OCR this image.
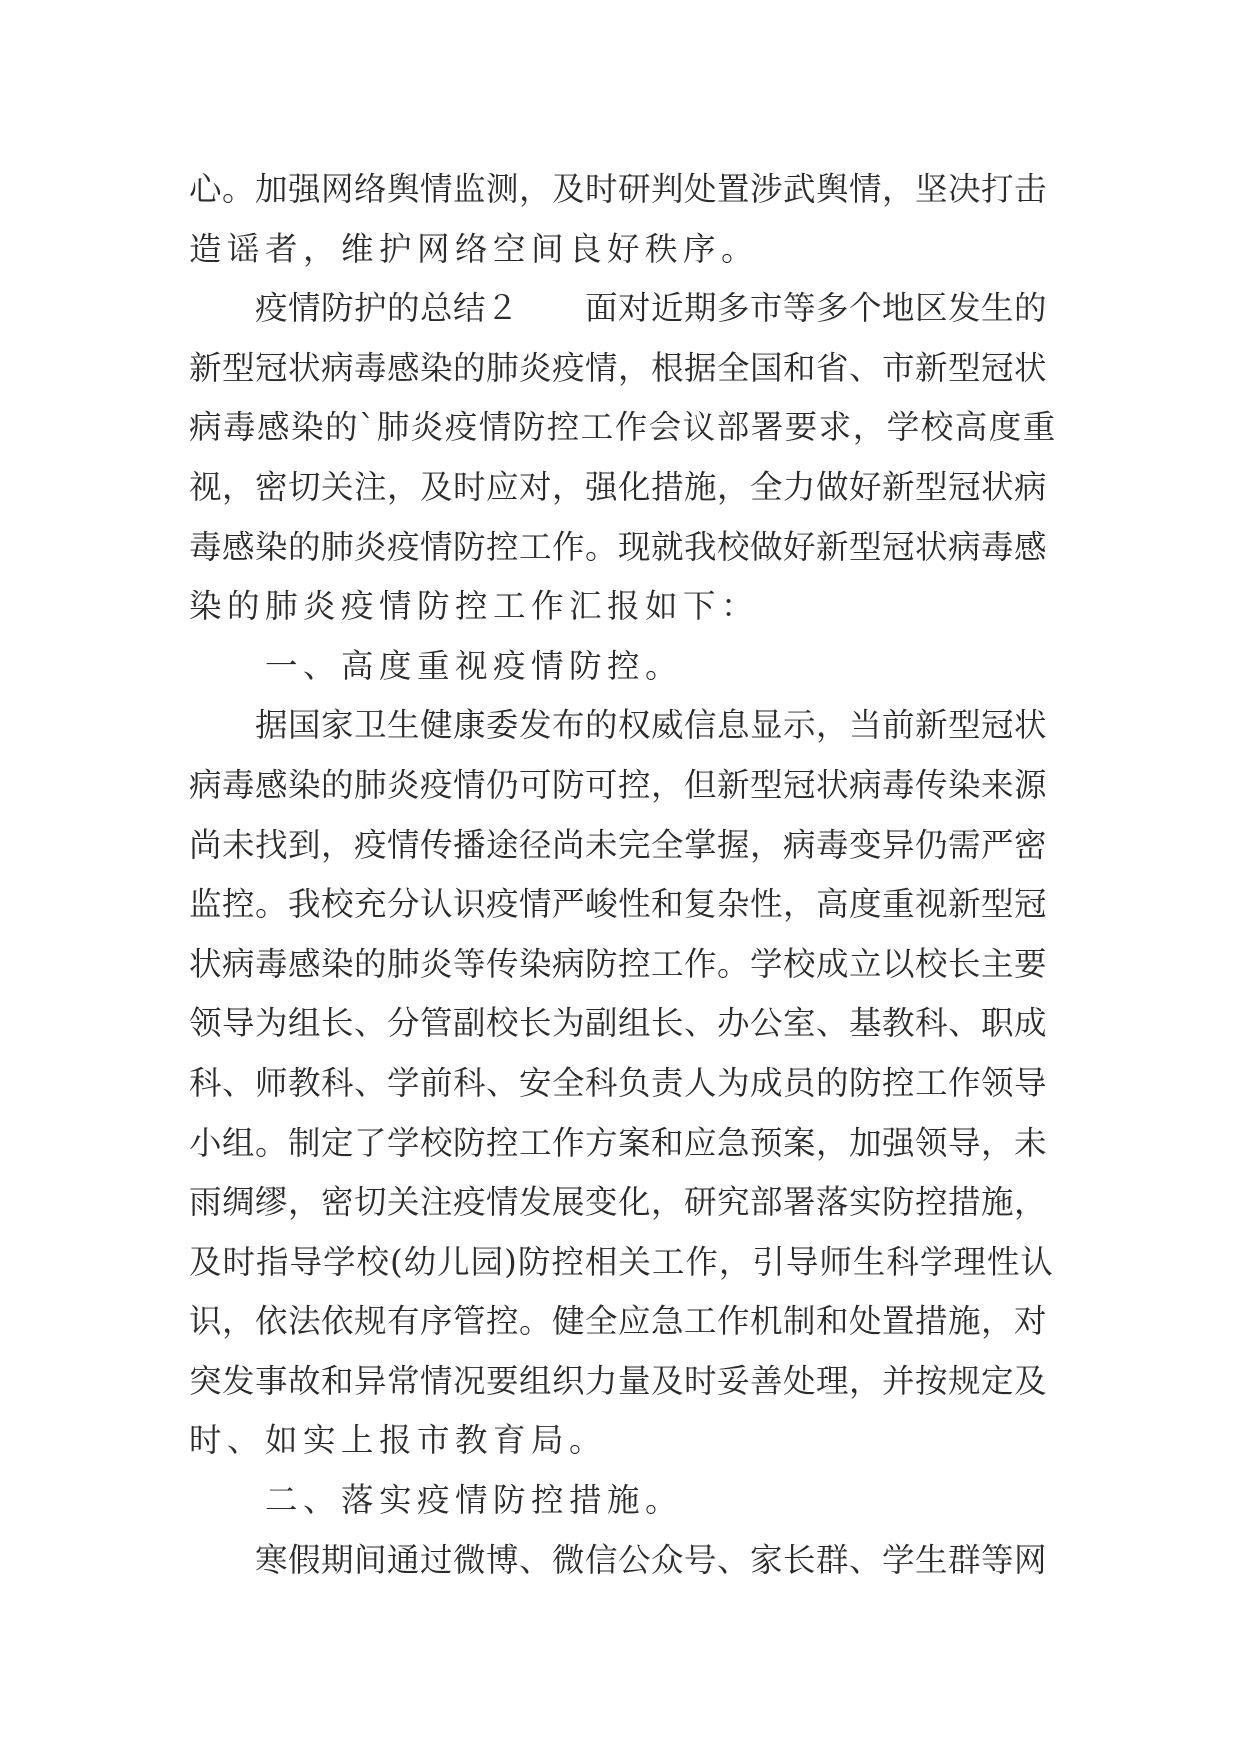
心。加强网络舆情监测，及时研判处置涉武舆情，坚决打击
造谣者，维护网络空间良好秩序。
　　疫情防护的总结２　　面对近期多市等多个地区发生的
新型冠状病毒感染的肺炎疫情，根据全国和省、市新型冠状
病毒感染的`肺炎疫情防控工作会议部署要求，学校高度重
视，密切关注，及时应对，强化措施，全力做好新型冠状病
毒感染的肺炎疫情防控工作。现就我校做好新型冠状病毒感
染的肺炎疫情防控工作汇报如下：
　　一、高度重视疫情防控。
　　据国家卫生健康委发布的权威信息显示，当前新型冠状
病毒感染的肺炎疫情仍可防可控，但新型冠状病毒传染来源
尚未找到，疫情传播途径尚未完全掌握，病毒变异仍需严密
监控。我校充分认识疫情严峻性和复杂性，高度重视新型冠
状病毒感染的肺炎等传染病防控工作。学校成立以校长主要
领导为组长、分管副校长为副组长、办公室、基教科、职成
科、师教科、学前科、安全科负责人为成员的防控工作领导
小组。制定了学校防控工作方案和应急预案，加强领导，未
雨绸缪，密切关注疫情发展变化，研究部署落实防控措施，
及时指导学校(幼儿园)防控相关工作，引导师生科学理性认
识，依法依规有序管控。健全应急工作机制和处置措施，对
突发事故和异常情况要组织力量及时妥善处理，并按规定及
时、如实上报市教育局。
　　二、落实疫情防控措施。
　　寒假期间通过微博、微信公众号、家长群、学生群等网
